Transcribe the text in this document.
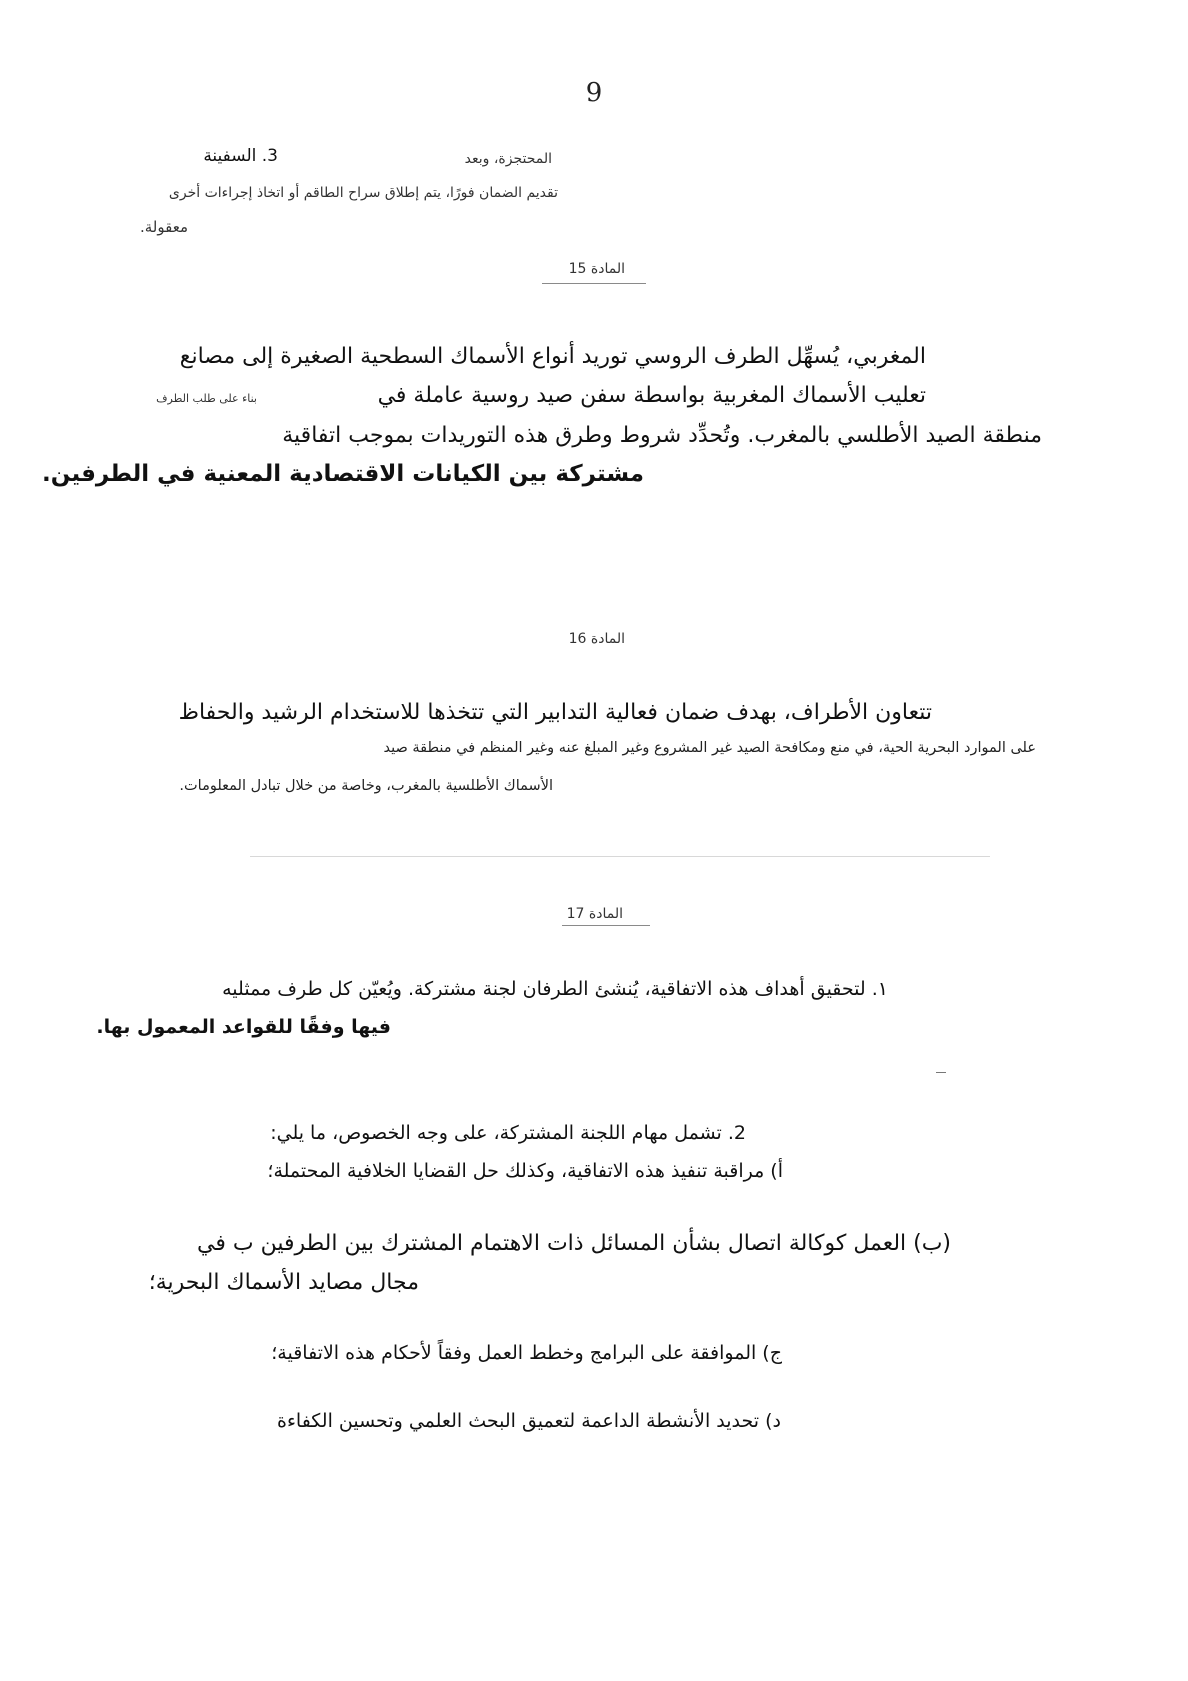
9
3. السفينة	المحتجزة، وبعد
تقديم الضمان فورًا، يتم إطلاق سراح الطاقم أو اتخاذ إجراءات أخرى
معقولة.
المادة 15
المغربي، يُسهِّل الطرف الروسي توريد أنواع الأسماك السطحية الصغيرة إلى مصانع
تعليب الأسماك المغربية بواسطة سفن صيد روسية عاملة في
بناء على طلب الطرف
منطقة الصيد الأطلسي بالمغرب. وتُحدِّد شروط وطرق هذه التوريدات بموجب اتفاقية
مشتركة بين الكيانات الاقتصادية المعنية في الطرفين.
المادة 16
تتعاون الأطراف، بهدف ضمان فعالية التدابير التي تتخذها للاستخدام الرشيد والحفاظ
على الموارد البحرية الحية، في منع ومكافحة الصيد غير المشروع وغير المبلغ عنه وغير المنظم في منطقة صيد
الأسماك الأطلسية بالمغرب، وخاصة من خلال تبادل المعلومات.
المادة 17
١. لتحقيق أهداف هذه الاتفاقية، يُنشئ الطرفان لجنة مشتركة. ويُعيّن كل طرف ممثليه
فيها وفقًا للقواعد المعمول بها.
2. تشمل مهام اللجنة المشتركة، على وجه الخصوص، ما يلي:
أ) مراقبة تنفيذ هذه الاتفاقية، وكذلك حل القضايا الخلافية المحتملة؛
(ب) العمل كوكالة اتصال بشأن المسائل ذات الاهتمام المشترك بين الطرفين ب في
مجال مصايد الأسماك البحرية؛
ج) الموافقة على البرامج وخطط العمل وفقاً لأحكام هذه الاتفاقية؛
د) تحديد الأنشطة الداعمة لتعميق البحث العلمي وتحسين الكفاءة
